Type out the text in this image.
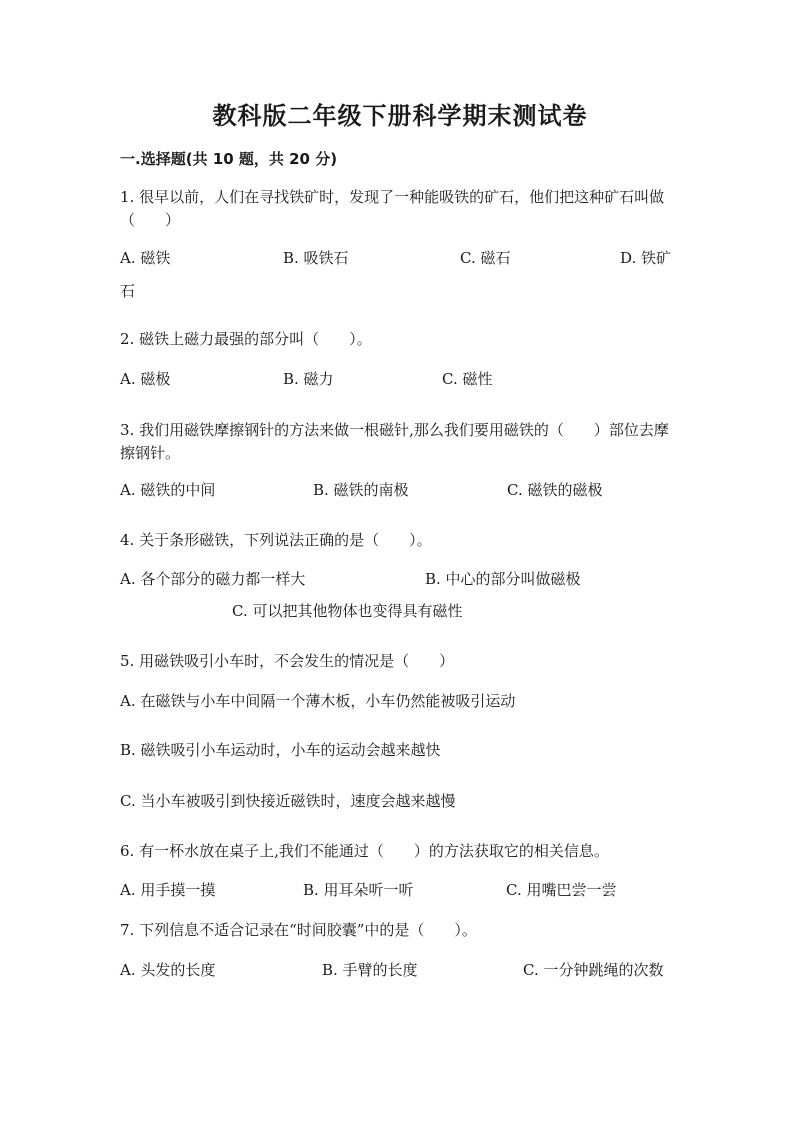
教科版二年级下册科学期末测试卷
一.选择题(共 10 题，共 20 分)
1. 很早以前，人们在寻找铁矿时，发现了一种能吸铁的矿石，他们把这种矿石叫做（　　）
A. 磁铁	B. 吸铁石	C. 磁石	D. 铁矿
石
2. 磁铁上磁力最强的部分叫（　　）。
A. 磁极	B. 磁力	C. 磁性
3. 我们用磁铁摩擦钢针的方法来做一根磁针,那么我们要用磁铁的（　　）部位去摩擦钢针。
A. 磁铁的中间	B. 磁铁的南极	C. 磁铁的磁极
4. 关于条形磁铁，下列说法正确的是（　　）。
A. 各个部分的磁力都一样大	B. 中心的部分叫做磁极
C. 可以把其他物体也变得具有磁性
5. 用磁铁吸引小车时，不会发生的情况是（　　）
A. 在磁铁与小车中间隔一个薄木板，小车仍然能被吸引运动
B. 磁铁吸引小车运动时，小车的运动会越来越快
C. 当小车被吸引到快接近磁铁时，速度会越来越慢
6. 有一杯水放在桌子上,我们不能通过（　　）的方法获取它的相关信息。
A. 用手摸一摸	B. 用耳朵听一听	C. 用嘴巴尝一尝
7. 下列信息不适合记录在“时间胶囊”中的是（　　）。
A. 头发的长度	B. 手臂的长度	C. 一分钟跳绳的次数
